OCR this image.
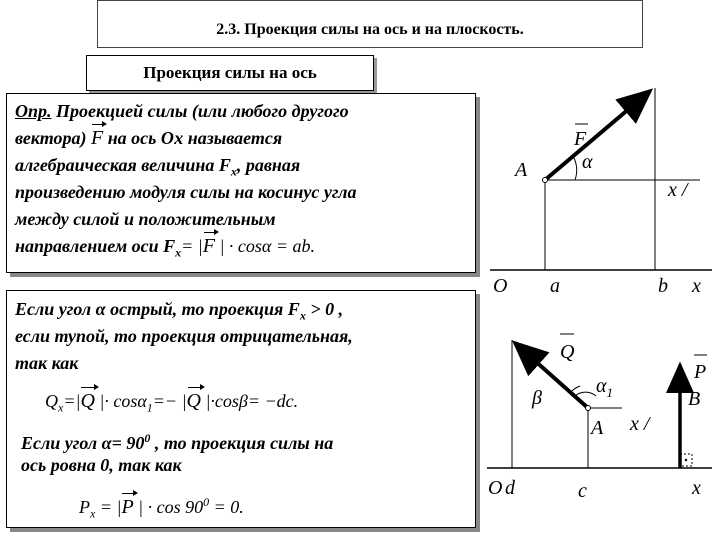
2.3. Проекция силы на ось и на плоскость.
Проекция силы на ось
Опр. Проекцией силы (или любого другого
вектора) F на ось Ох называется
алгебраическая величина $F_x$, равная
произведению модуля силы на косинус угла
между силой и положительным
направлением оси $F_x= |F$ | · cosα = ab.
Если угол α острый, то проекция $F_x > 0$ ,
если тупой, то проекция отрицательная,
так как
$Q_x=|Q$ |· cosα$_1$=− |Q |·cosβ= −dc.
Если угол $\alpha= 90^0$ , то проекция силы на
ось ровна 0, так как
$P_x = |P$ | · $\cos 90^0 = 0$.
F
α
A
x /
O a	b x
Q
β
$\alpha_1$
A x /
P
B
O d	c	x
